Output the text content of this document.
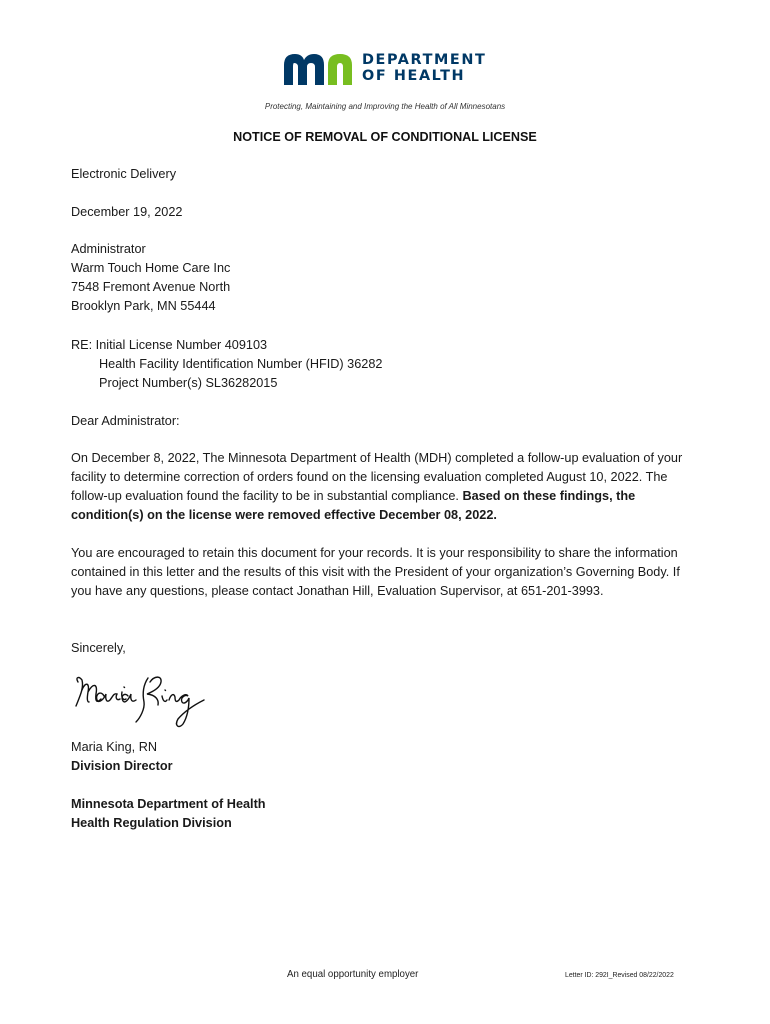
DEPARTMENT
OF HEALTH
Protecting, Maintaining and Improving the Health of All Minnesotans
NOTICE OF REMOVAL OF CONDITIONAL LICENSE
Electronic Delivery
December 19, 2022
Administrator
Warm Touch Home Care Inc
7548 Fremont Avenue North
Brooklyn Park, MN 55444
RE: Initial License Number 409103
Health Facility Identification Number (HFID) 36282
Project Number(s) SL36282015
Dear Administrator:
On December 8, 2022, The Minnesota Department of Health (MDH) completed a follow-up evaluation of your facility to determine correction of orders found on the licensing evaluation completed August 10, 2022. The follow-up evaluation found the facility to be in substantial compliance. Based on these findings, the condition(s) on the license were removed effective December 08, 2022.
You are encouraged to retain this document for your records. It is your responsibility to share the information contained in this letter and the results of this visit with the President of your organization’s Governing Body. If you have any questions, please contact Jonathan Hill, Evaluation Supervisor, at 651-201-3993.
Sincerely,
Maria King, RN
Division Director
Minnesota Department of Health
Health Regulation Division
An equal opportunity employer	Letter ID: 292I_Revised 08/22/2022
